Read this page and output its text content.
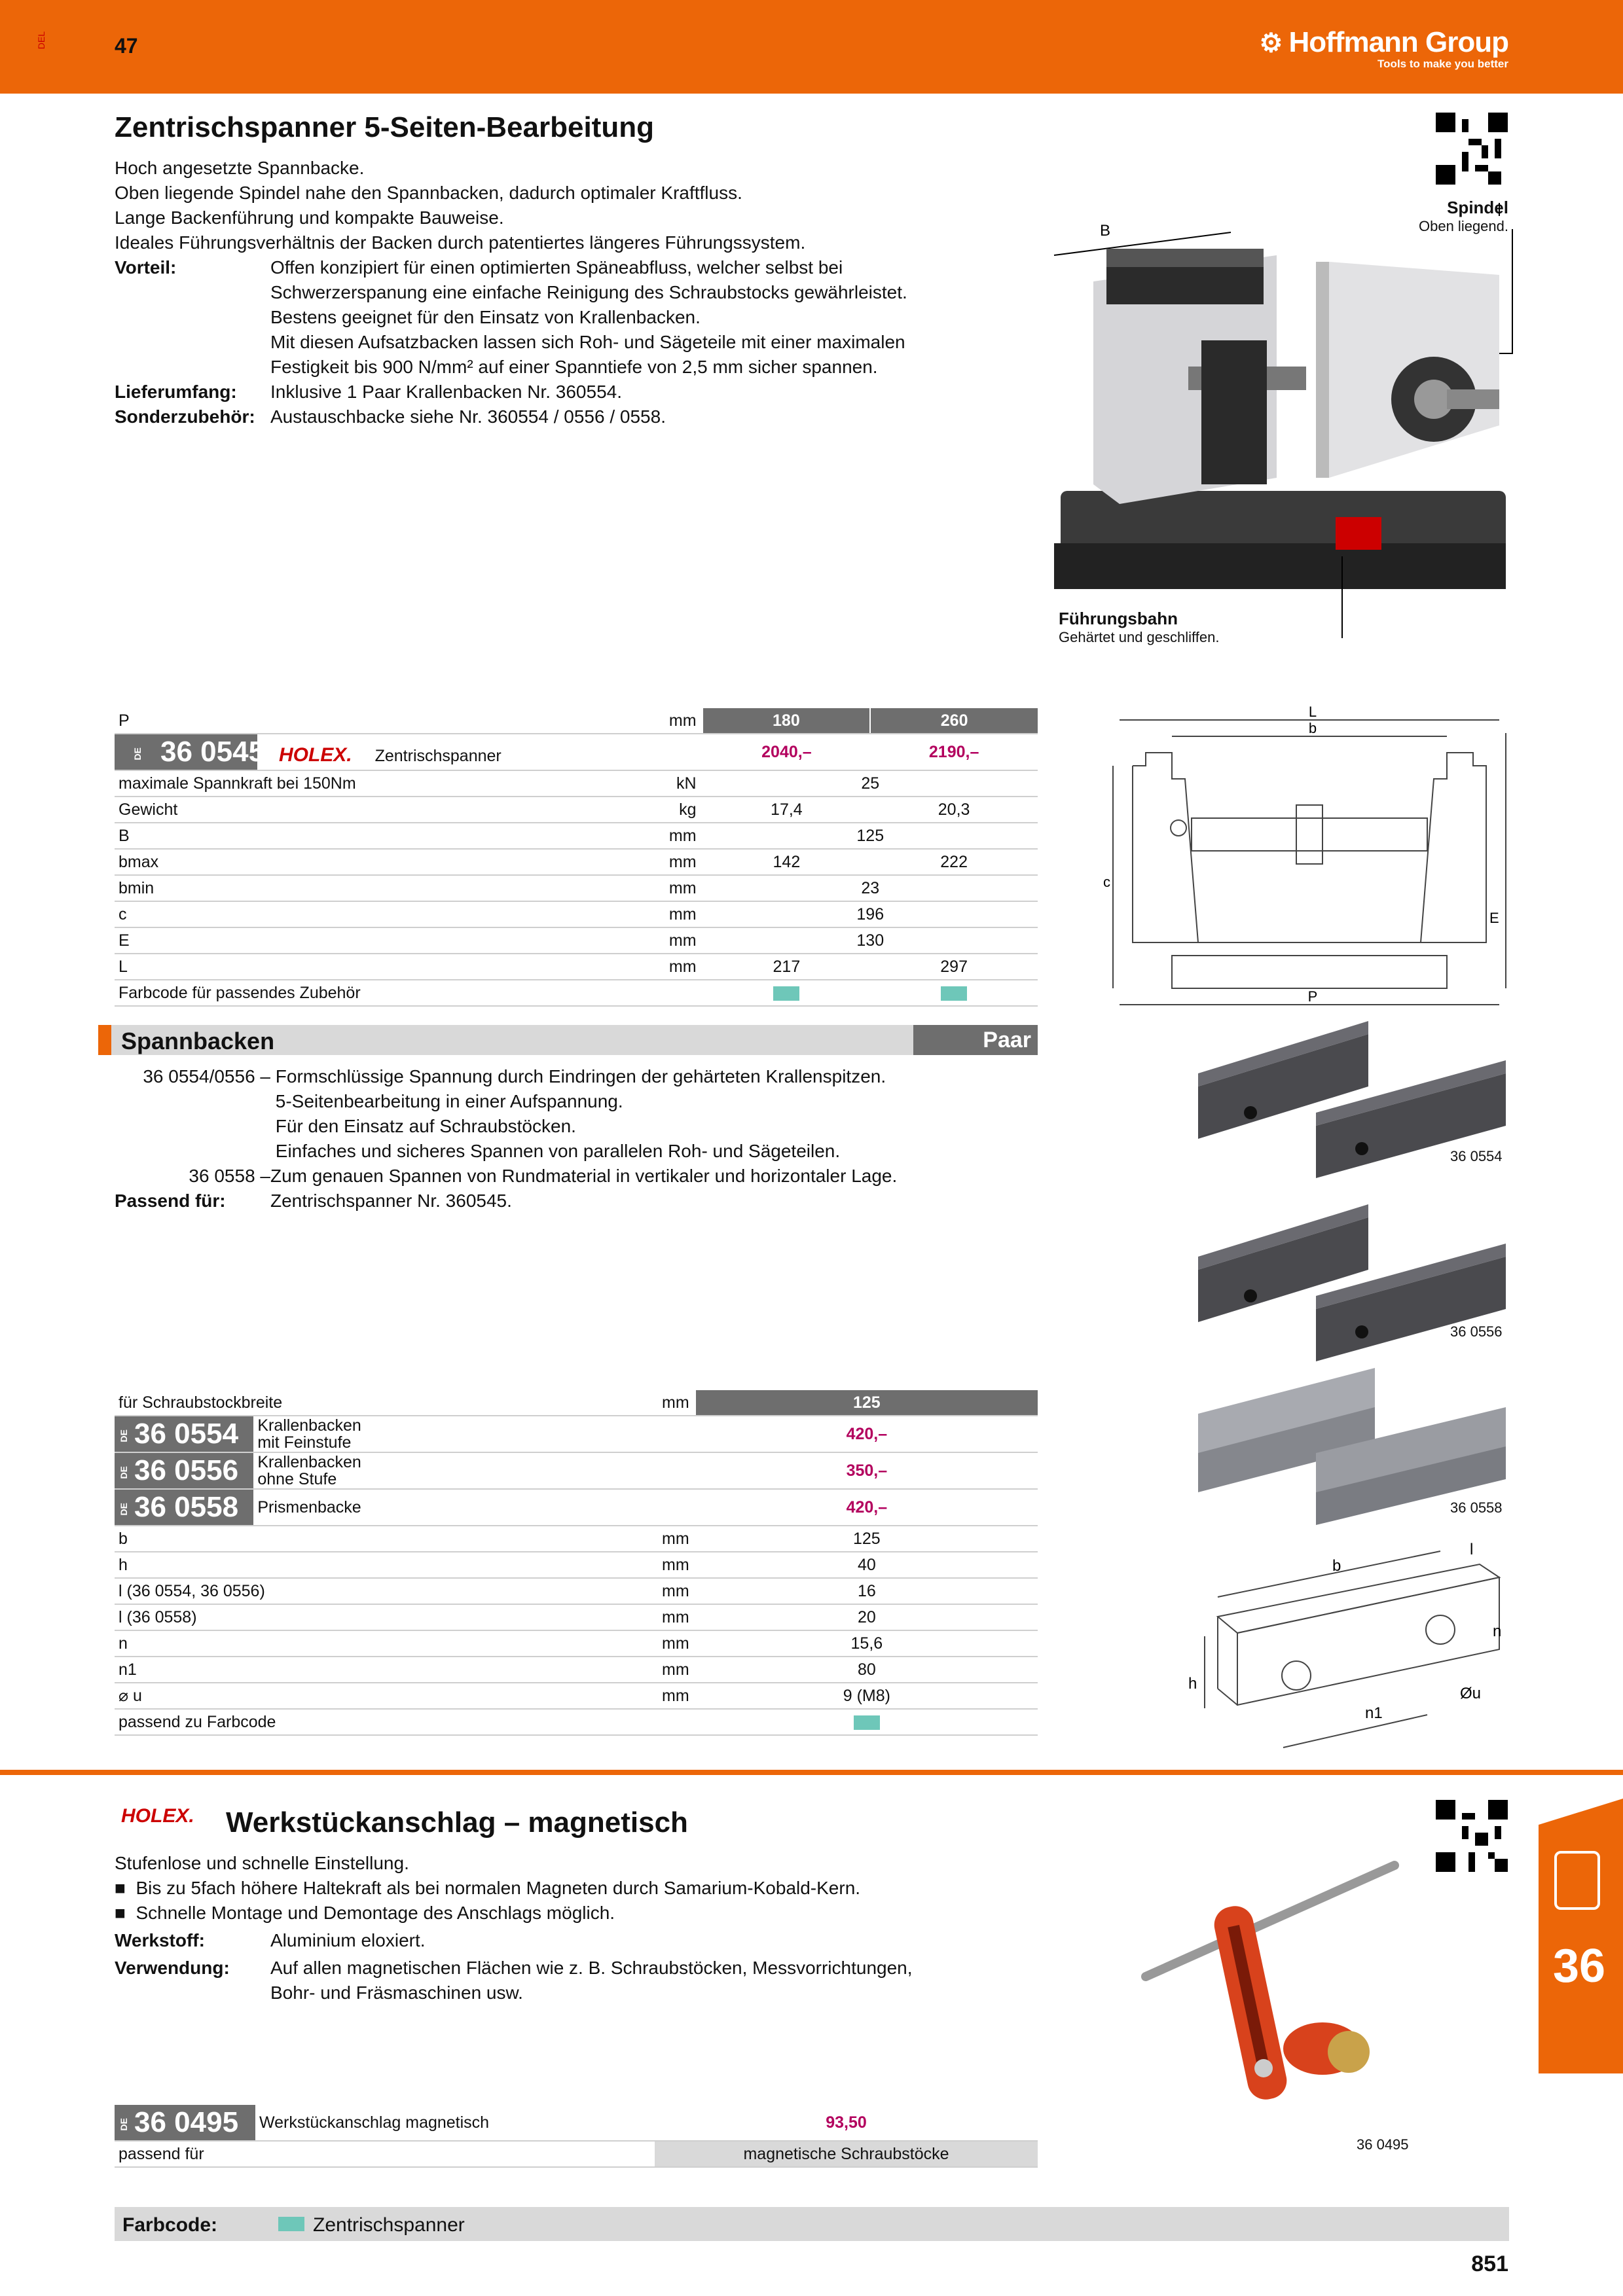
DEL	47	⚙ Hoffmann Group
Tools to make you better
Zentrischspanner 5-Seiten-Bearbeitung
Hoch angesetzte Spannbacke.
Oben liegende Spindel nahe den Spannbacken, dadurch optimaler Kraftfluss.
Lange Backenführung und kompakte Bauweise.
Ideales Führungsverhältnis der Backen durch patentiertes längeres Führungssystem.
Vorteil:	Offen konzipiert für einen optimierten Späneabfluss, welcher selbst bei
Schwerzerspanung eine einfache Reinigung des Schraubstocks gewährleistet.
Bestens geeignet für den Einsatz von Krallenbacken.
Mit diesen Aufsatzbacken lassen sich Roh- und Sägeteile mit einer maximalen
Festigkeit bis 900 N/mm² auf einer Spanntiefe von 2,5 mm sicher spannen.
Lieferumfang: Inklusive 1 Paar Krallenbacken Nr. 360554.
Sonderzubehör: Austauschbacke siehe Nr. 360554 / 0556 / 0558.
Spindel
Oben liegend.
Führungsbahn
Gehärtet und geschliffen.
B
P	mm	180	260
DE 36 0545 HOLEX. Zentrischspanner		2040,–	2190,–
maximale Spannkraft bei 150Nm	kN	25	
Gewicht	kg	17,4	20,3
B	mm	125	
bmax	mm	142	222
bmin	mm	23	
c	mm	196	
E	mm	130	
L	mm	217	297
Farbcode für passendes Zubehör			
L
b
c
E
P
Spannbacken	Paar
36 0554/0556 – Formschlüssige Spannung durch Eindringen der gehärteten Krallenspitzen.
5-Seitenbearbeitung in einer Aufspannung.
Für den Einsatz auf Schraubstöcken.
Einfaches und sicheres Spannen von parallelen Roh- und Sägeteilen.
36 0558 –Zum genauen Spannen von Rundmaterial in vertikaler und horizontaler Lage.
Passend für: Zentrischspanner Nr. 360545.
36 0554
36 0556
36 0558
für Schraubstockbreite		mm	125
DE 36 0554	Krallenbacken
mit Feinstufe		420,–
DE 36 0556	Krallenbacken
ohne Stufe		350,–
DE 36 0558	Prismenbacke		420,–
b		mm	125
h		mm	40
l (36 0554, 36 0556)		mm	16
l (36 0558)		mm	20
n		mm	15,6
n1		mm	80
⌀ u		mm	9 (M8)
passend zu Farbcode			
b
l
n
h
n1
Øu
HOLEX. Werkstückanschlag – magnetisch
Stufenlose und schnelle Einstellung.
■  Bis zu 5fach höhere Haltekraft als bei normalen Magneten durch Samarium-Kobald-Kern.
■  Schnelle Montage und Demontage des Anschlags möglich.
Werkstoff:	Aluminium eloxiert.
Verwendung: Auf allen magnetischen Flächen wie z. B. Schraubstöcken, Messvorrichtungen,
Bohr- und Fräsmaschinen usw.
36 0495
DE 36 0495	Werkstückanschlag magnetisch	93,50
passend für		magnetische Schraubstöcke
Farbcode:	Zentrischspanner
851
36
